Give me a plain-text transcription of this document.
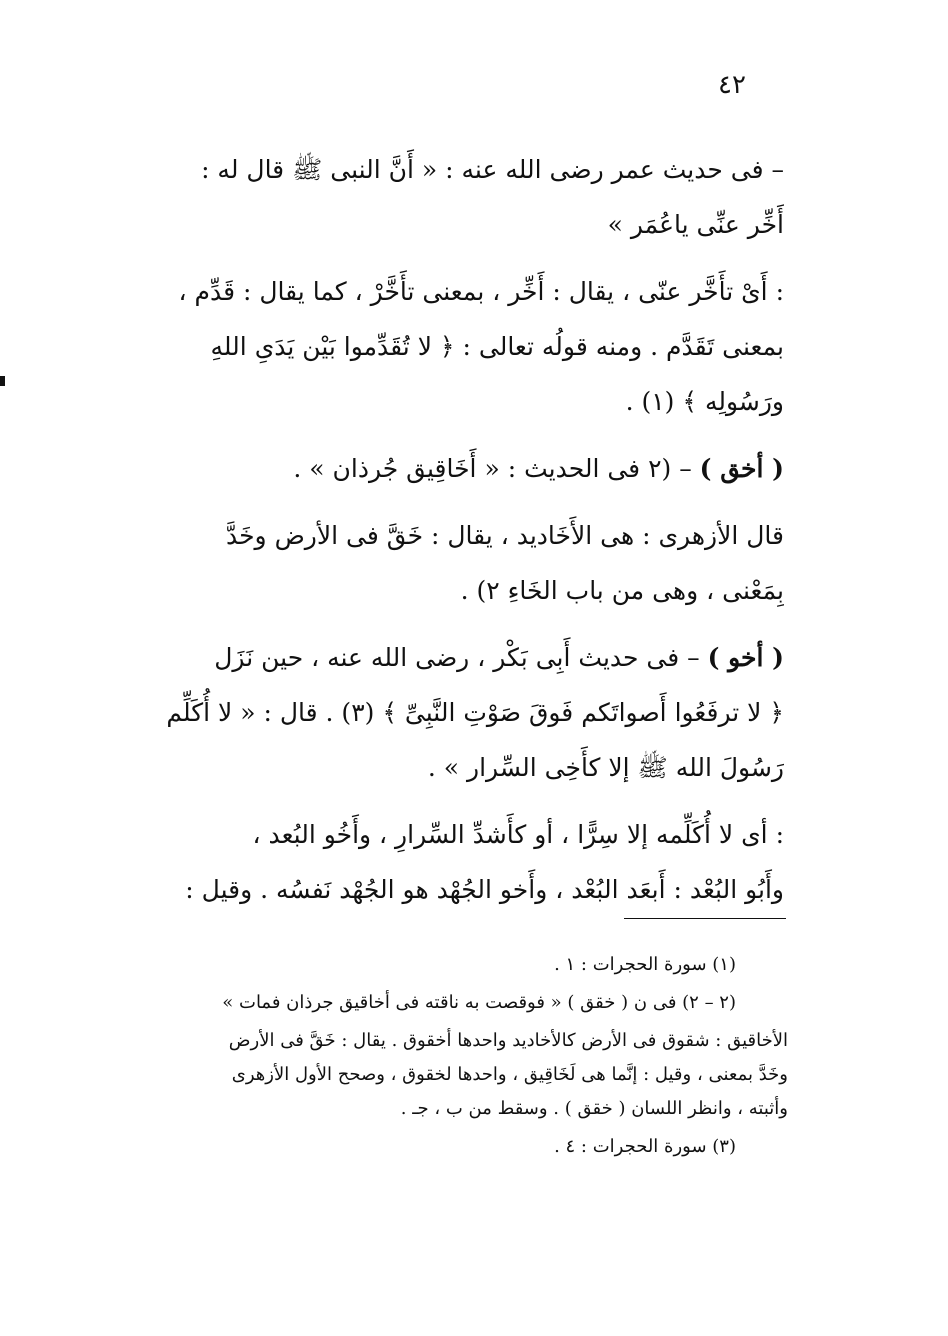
٤٢

– فى حديث عمر رضى الله عنه : « أَنَّ النبى ﷺ قال له :
أَخِّر عنِّى ياعُمَر »

: أَىْ تأَخَّر عنّى ، يقال : أَخِّر ، بمعنى تأَخَّرْ ، كما يقال : قَدِّم ،
بمعنى تَقَدَّم . ومنه قولُه تعالى : ﴿ لا تُقَدِّموا بَيْن يَدَىِ اللهِ
ورَسُولِه ﴾ (١) .

( أخق ) – (٢ فى الحديث : « أَخَاقِيق جُرذان » .

قال الأزهرى : هى الأَخَاديد ، يقال : خَقَّ فى الأرض وخَدَّ
بِمَعْنى ، وهى من باب الخَاءِ ٢) .

( أخو ) – فى حديث أَبِى بَكْر ، رضى الله عنه ، حين نَزَل
﴿ لا ترفَعُوا أَصواتَكم فَوقَ صَوْتِ النَّبِىِّ ﴾ (٣) . قال : « لا أُكَلِّم
رَسُولَ الله ﷺ إلا كأَخِى السِّرار » .

: أى لا أُكَلِّمه إلا سِرًّا ، أو كأَشدِّ السِّرارِ ، وأَخُو البُعد ،
وأَبُو البُعْد : أَبعَد البُعْد ، وأَخو الجُهْد هو الجُهْد نَفسُه . وقيل :

(١) سورة الحجرات : ١ .
(٢ – ٢) فى ن ( خقق ) « فوقصت به ناقته فى أخاقيق جرذان فمات »
الأخاقيق : شقوق فى الأرض كالأخاديد واحدها أخقوق . يقال : خَقَّ فى الأرض
وخَدَّ بمعنى ، وقيل : إنَّما هى لَخَاقِيق ، واحدها لخقوق ، وصحح الأول الأزهرى
وأثبته ، وانظر اللسان ( خقق ) . وسقط من ب ، جـ .
(٣) سورة الحجرات : ٤ .
